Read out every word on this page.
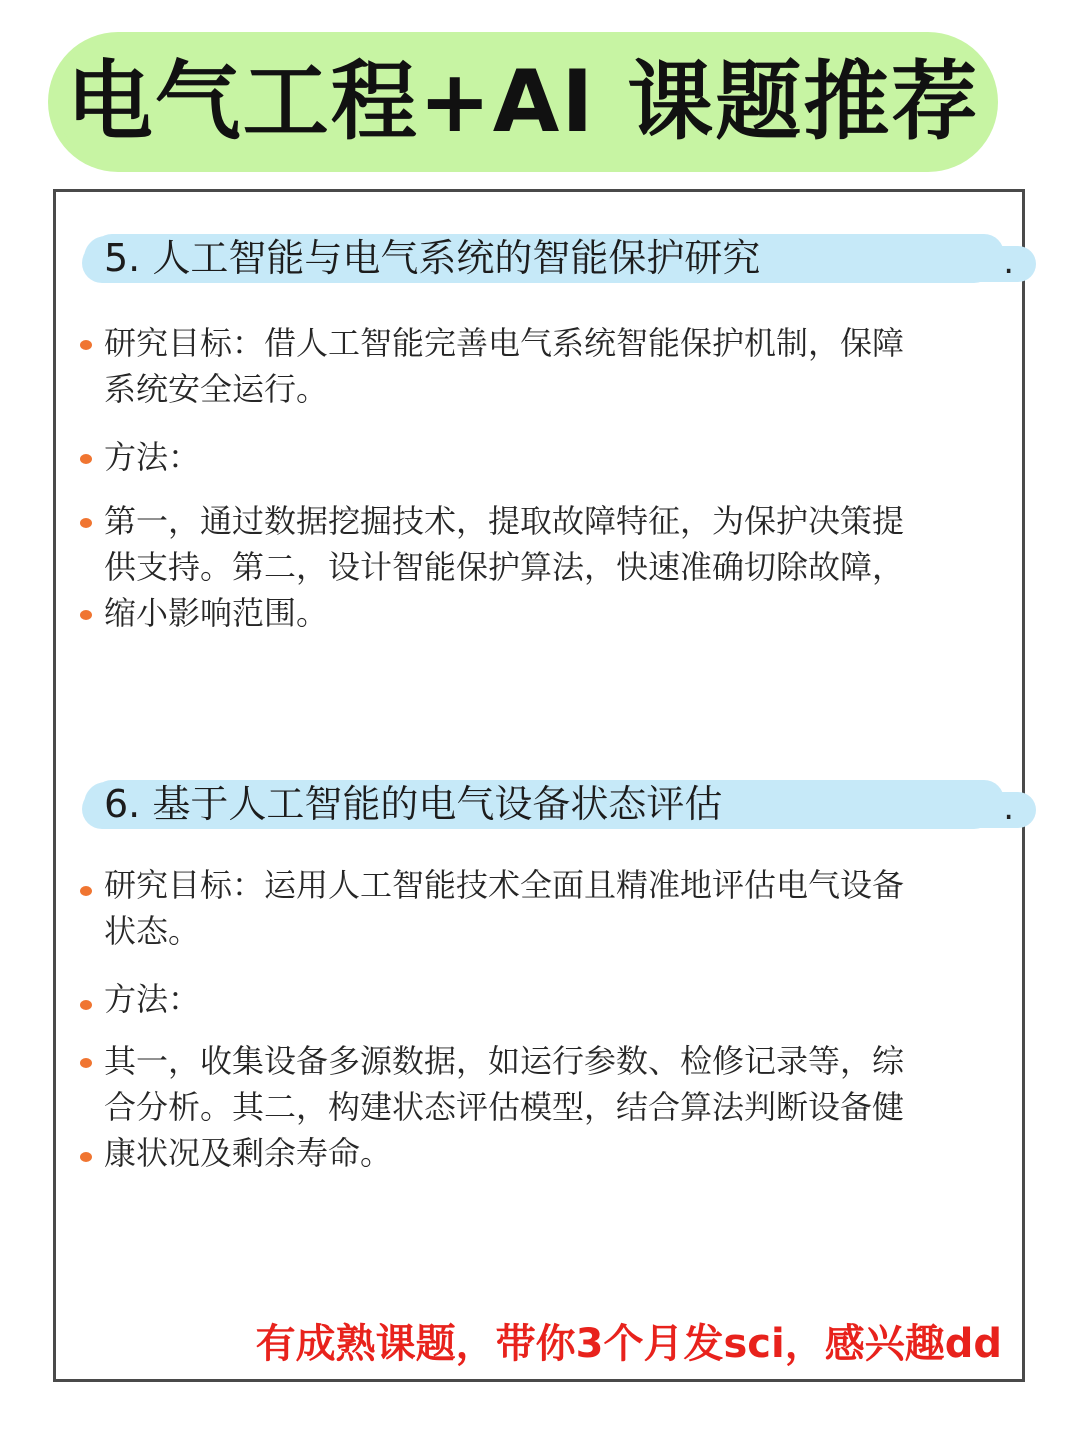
电气工程+AI 课题推荐
5. 人工智能与电气系统的智能保护研究	.
研究目标：借人工智能完善电气系统智能保护机制，保障
系统安全运行。
方法：
第一，通过数据挖掘技术，提取故障特征，为保护决策提
供支持。第二，设计智能保护算法，快速准确切除故障，
缩小影响范围。
6. 基于人工智能的电气设备状态评估	.
研究目标：运用人工智能技术全面且精准地评估电气设备
状态。
方法：
其一，收集设备多源数据，如运行参数、检修记录等，综
合分析。其二，构建状态评估模型，结合算法判断设备健
康状况及剩余寿命。
有成熟课题，带你3个月发sci，感兴趣dd
